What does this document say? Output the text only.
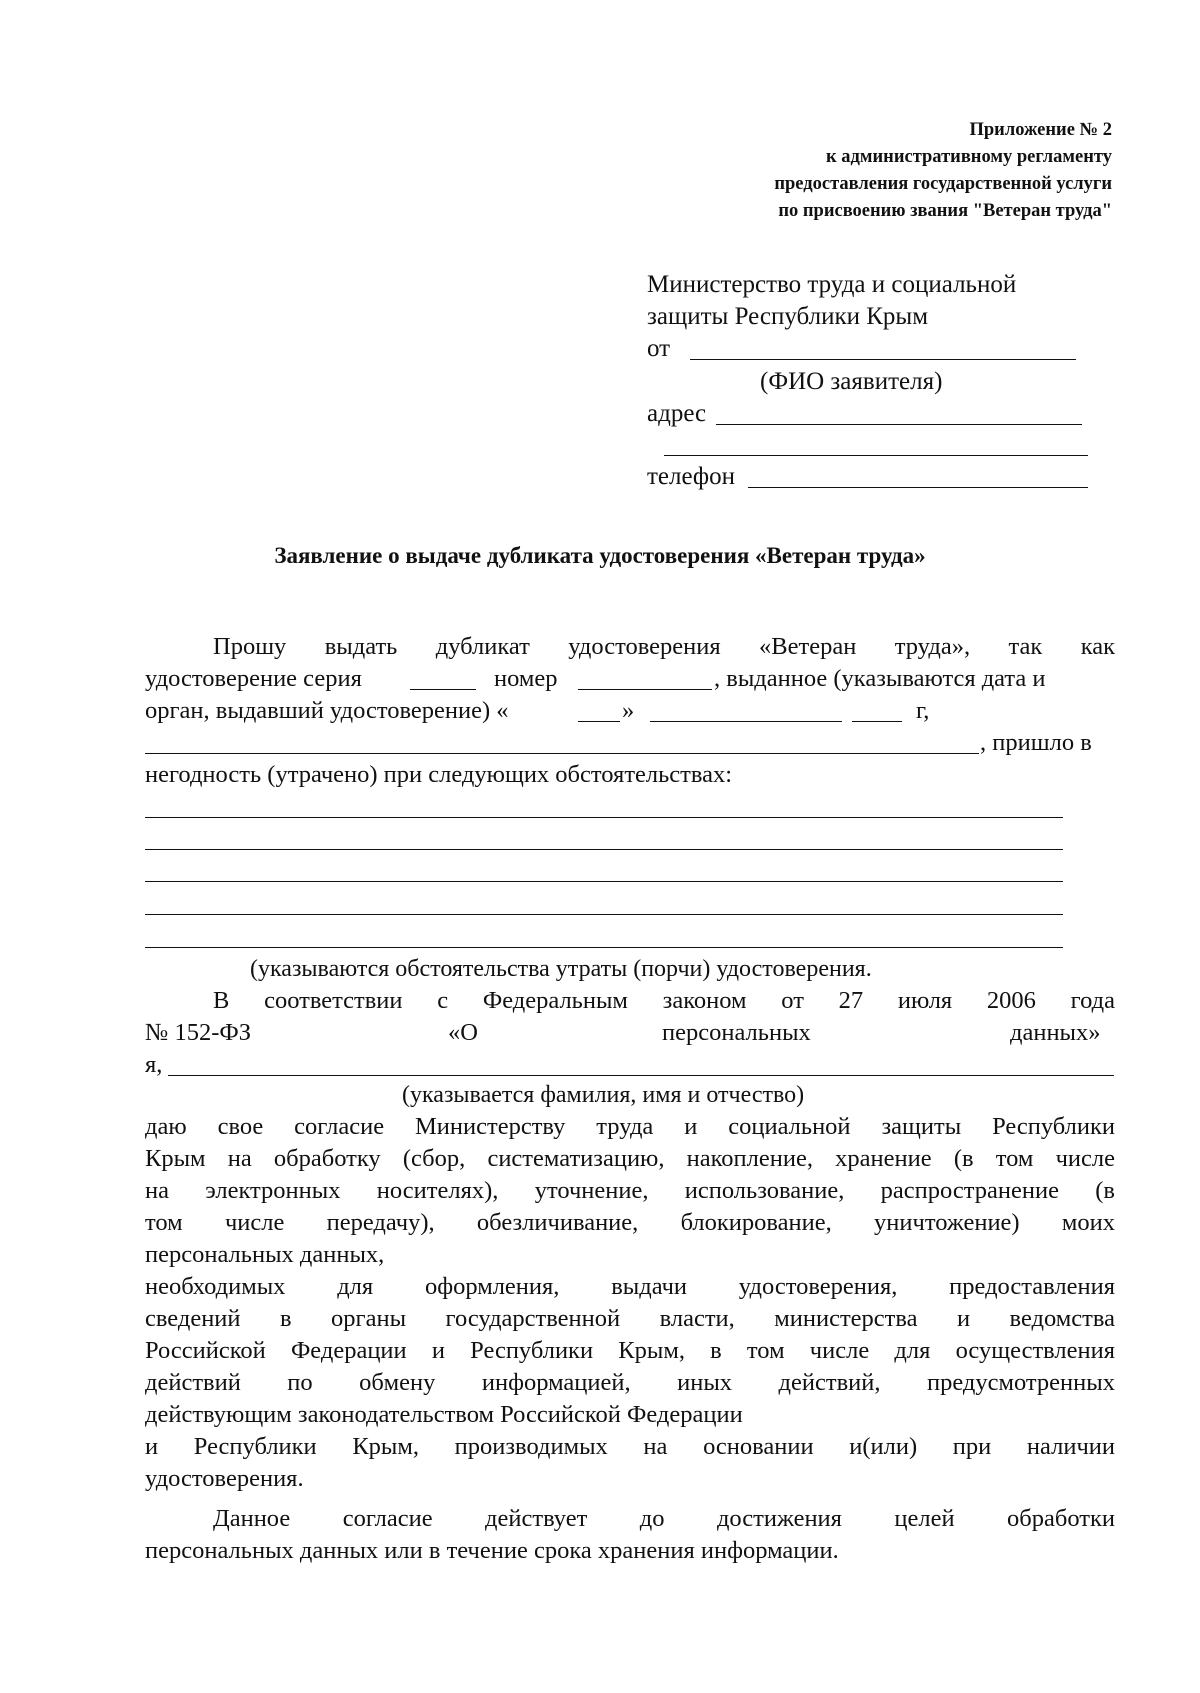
Приложение № 2
к административному регламенту
предоставления государственной услуги
по присвоению звания "Ветеран труда"
Министерство труда и социальной
защиты Республики Крым
от
(ФИО заявителя)
адрес
телефон
Заявление о выдаче дубликата удостоверения «Ветеран труда»
Прошу выдать дубликат удостоверения «Ветеран труда», так как
удостоверение серия	номер	, выданное (указываются дата и
орган, выдавший удостоверение) «	»	г,
, пришло в
негодность (утрачено) при следующих обстоятельствах:
(указываются обстоятельства утраты (порчи) удостоверения.
В соответствии с Федеральным законом от 27 июля 2006 года
№ 152-ФЗ	«О	персональных	данных»
я,
(указывается фамилия, имя и отчество)
даю свое согласие Министерству труда и социальной защиты Республики
Крым на обработку (сбор, систематизацию, накопление, хранение (в том числе
на электронных носителях), уточнение, использование, распространение (в
том числе передачу), обезличивание, блокирование, уничтожение) моих
персональных данных,
необходимых для оформления, выдачи удостоверения, предоставления
сведений в органы государственной власти, министерства и ведомства
Российской Федерации и Республики Крым, в том числе для осуществления
действий по обмену информацией, иных действий, предусмотренных
действующим законодательством Российской Федерации
и Республики Крым, производимых на основании и(или) при наличии
удостоверения.
Данное согласие действует до достижения целей обработки
персональных данных или в течение срока хранения информации.
